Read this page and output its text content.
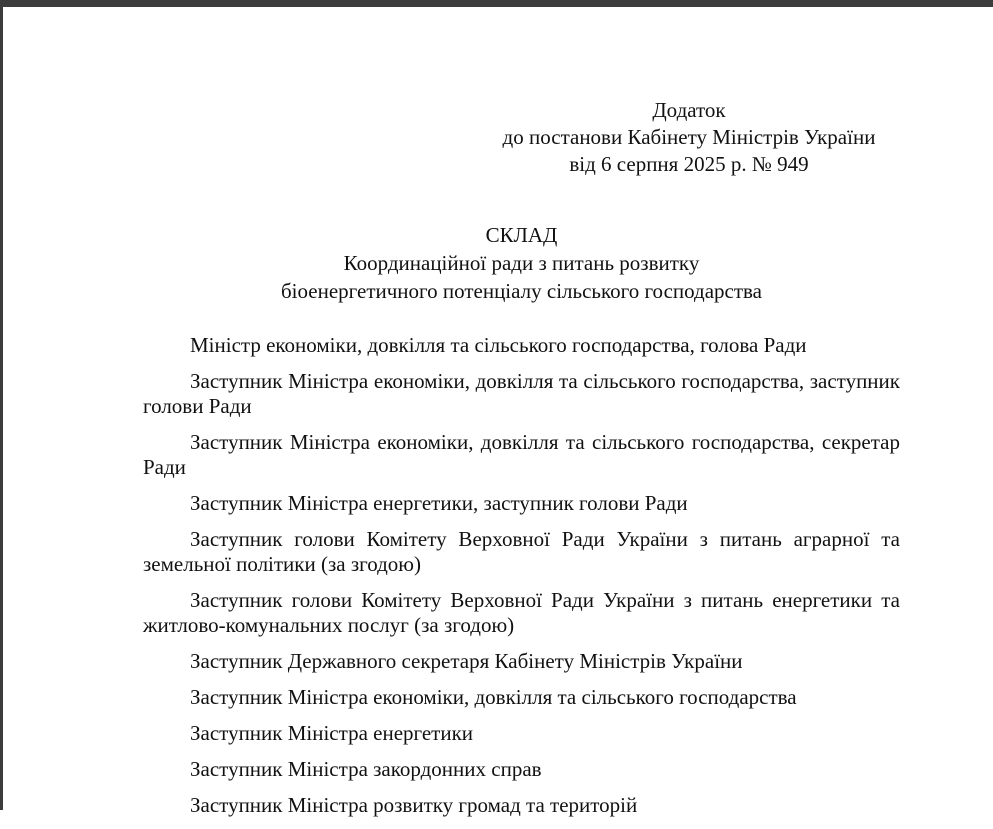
Додаток
до постанови Кабінету Міністрів України
від 6 серпня 2025 р. № 949
СКЛАД
Координаційної ради з питань розвитку
біоенергетичного потенціалу сільського господарства
Міністр економіки, довкілля та сільського господарства, голова Ради
Заступник Міністра економіки, довкілля та сільського господарства, заступник голови Ради
Заступник Міністра економіки, довкілля та сільського господарства, секретар Ради
Заступник Міністра енергетики, заступник голови Ради
Заступник голови Комітету Верховної Ради України з питань аграрної та земельної політики (за згодою)
Заступник голови Комітету Верховної Ради України з питань енергетики та житлово-комунальних послуг (за згодою)
Заступник Державного секретаря Кабінету Міністрів України
Заступник Міністра економіки, довкілля та сільського господарства
Заступник Міністра енергетики
Заступник Міністра закордонних справ
Заступник Міністра розвитку громад та територій
